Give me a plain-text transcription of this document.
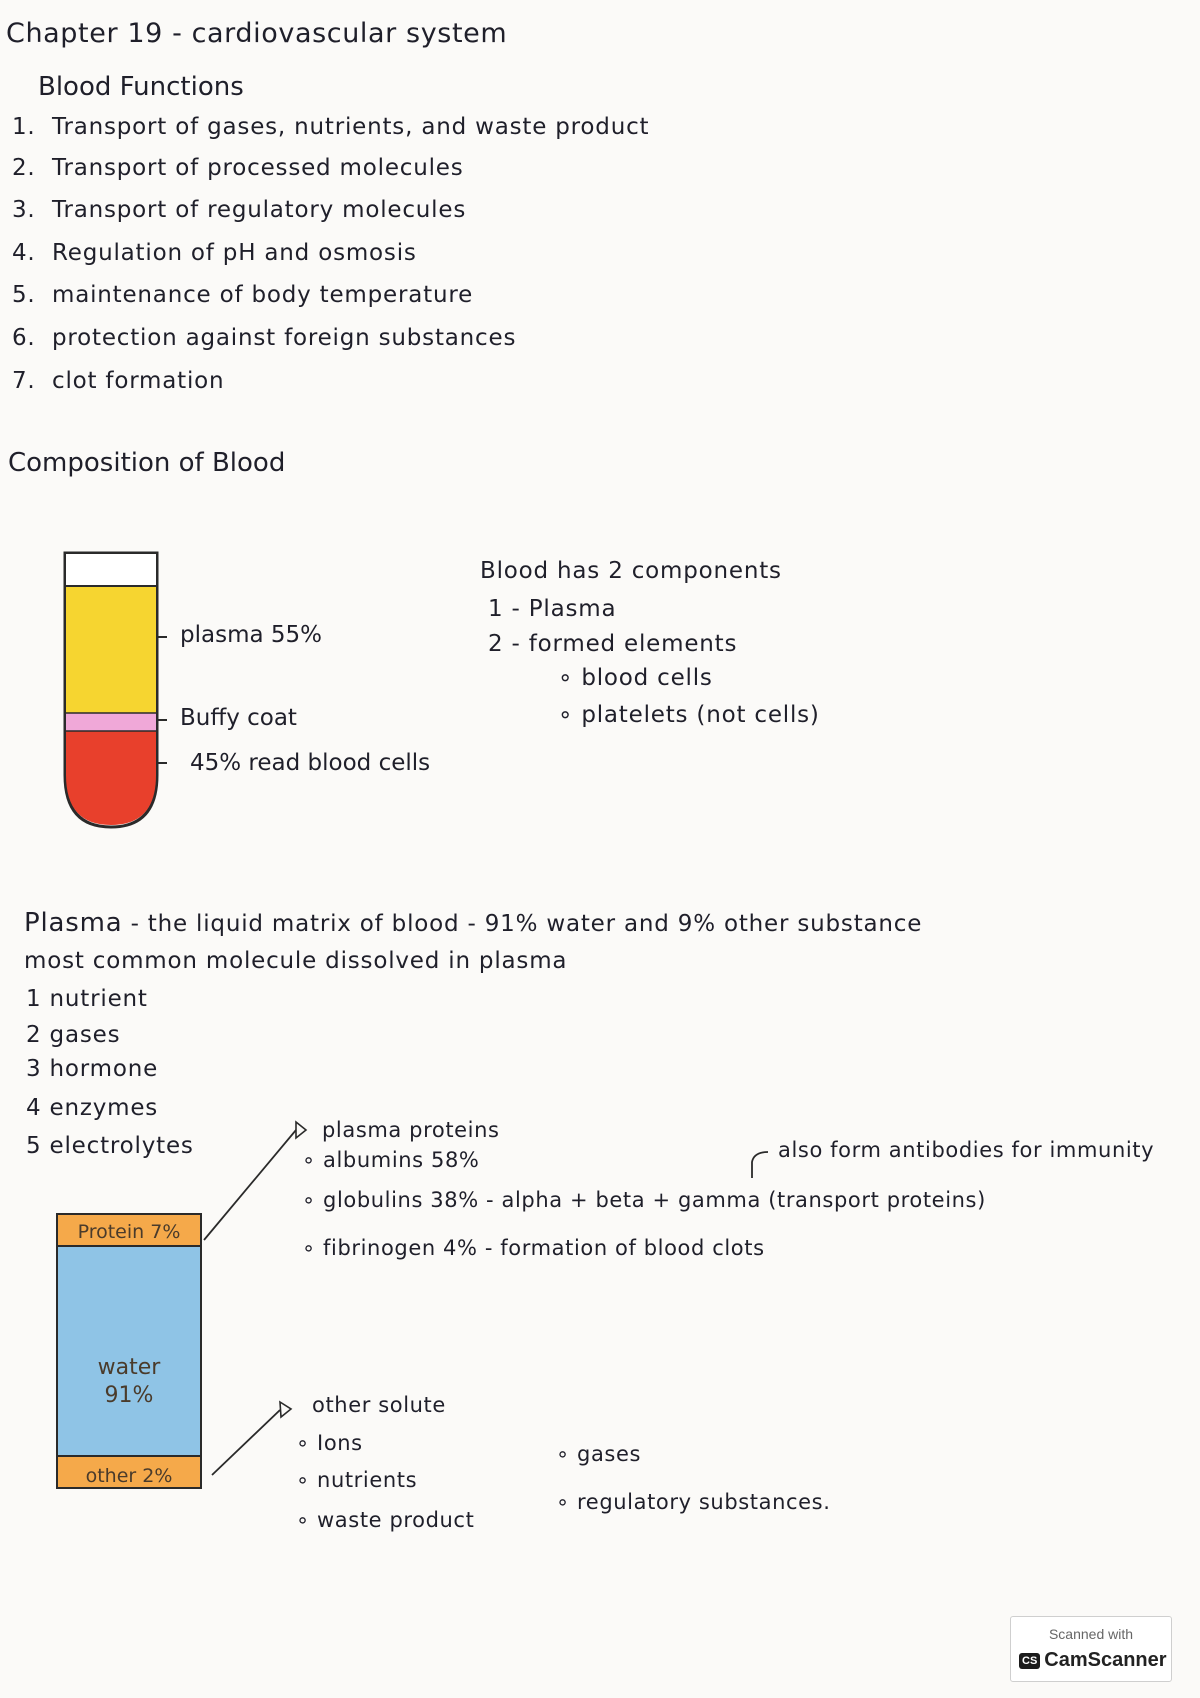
Chapter 19 - cardiovascular system
Blood Functions
1. Transport of gases, nutrients, and waste product
2. Transport of processed molecules
3. Transport of regulatory molecules
4. Regulation of pH and osmosis
5. maintenance of body temperature
6. protection against foreign substances
7. clot formation
Composition of Blood
plasma 55%
Buffy coat
45% read blood cells
Blood has 2 components
1 - Plasma
2 - formed elements
∘ blood cells
∘ platelets (not cells)
Plasma - the liquid matrix of blood - 91% water and 9% other substance
most common molecule dissolved in plasma
1 nutrient
2 gases
3 hormone
4 enzymes
5 electrolytes
Protein 7%
water
91%
other 2%
plasma proteins
∘ albumins 58%	also form antibodies for immunity
∘ globulins 38% - alpha + beta + gamma (transport proteins)
∘ fibrinogen 4% - formation of blood clots
other solute
∘ Ions
∘ nutrients
∘ waste product
∘ gases
∘ regulatory substances.
Scanned with
CS CamScanner
